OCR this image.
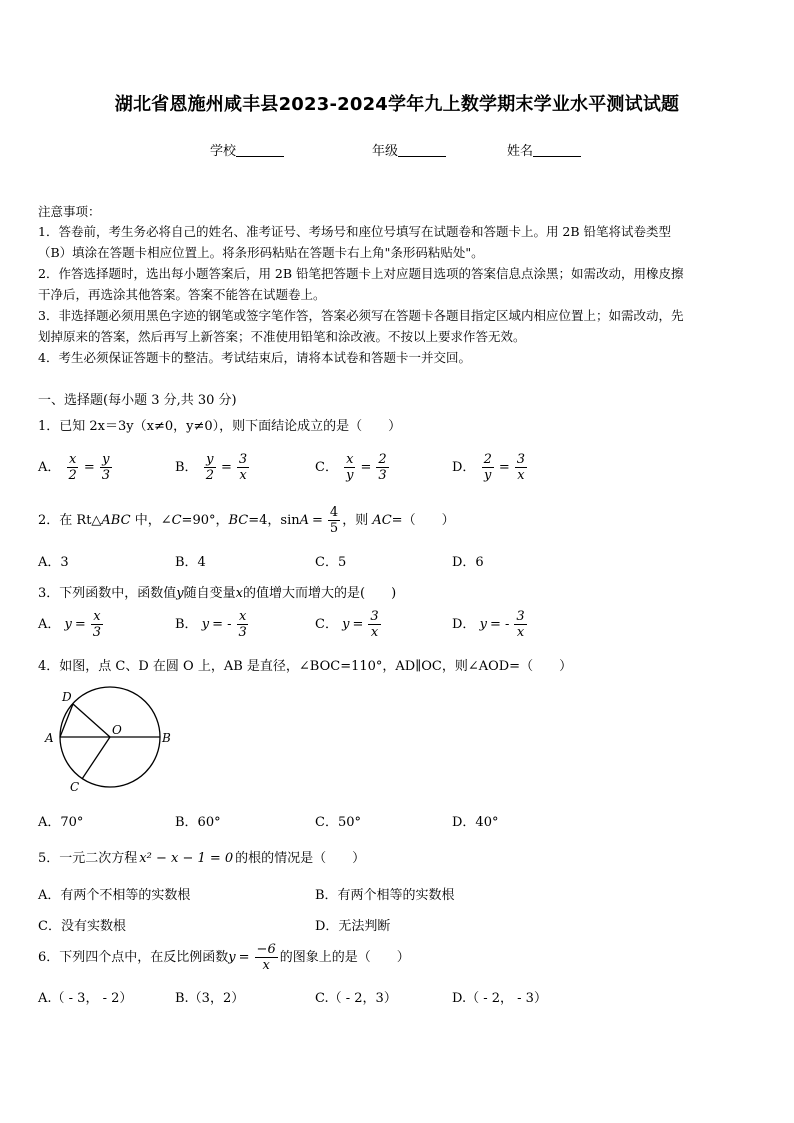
湖北省恩施州咸丰县2023-2024学年九上数学期末学业水平测试试题
学校	年级	姓名
注意事项：
1．答卷前，考生务必将自己的姓名、准考证号、考场号和座位号填写在试题卷和答题卡上。用 2B 铅笔将试卷类型
（B）填涂在答题卡相应位置上。将条形码粘贴在答题卡右上角"条形码粘贴处"。
2．作答选择题时，选出每小题答案后，用 2B 铅笔把答题卡上对应题目选项的答案信息点涂黑；如需改动，用橡皮擦
干净后，再选涂其他答案。答案不能答在试题卷上。
3．非选择题必须用黑色字迹的钢笔或签字笔作答，答案必须写在答题卡各题目指定区域内相应位置上；如需改动，先
划掉原来的答案，然后再写上新答案；不准使用铅笔和涂改液。不按以上要求作答无效。
4．考生必须保证答题卡的整洁。考试结束后，请将本试卷和答题卡一并交回。
一、选择题(每小题 3 分,共 30 分)
1．已知 2x＝3y（x≠0，y≠0），则下面结论成立的是（　　）
A． $\frac{x}{2} = \frac{y}{3}$	B． $\frac{y}{2} = \frac{3}{x}$	C． $\frac{x}{y} = \frac{2}{3}$	D． $\frac{2}{y} = \frac{3}{x}$
2．在 Rt△ABC 中，∠C=90°，BC=4，$\sin A = \frac{4}{5}$ ，则 AC=（　　）
A．3	B．4	C．5	D．6
3．下列函数中，函数值y随自变量x的值增大而增大的是(　　)
A． $y = \frac{x}{3}$	B． y = - $\frac{x}{3}$	C． $y = \frac{3}{x}$	D． y = - $\frac{3}{x}$
4．如图，点 C、D 在圆 O 上，AB 是直径，∠BOC=110°，AD∥OC，则∠AOD=（　　）
D
A
O
B
C
A．70°	B．60°	C．50°	D．40°
5．一元二次方程 x² − x − 1 = 0 的根的情况是（　　）
A．有两个不相等的实数根	B．有两个相等的实数根
C．没有实数根	D．无法判断
6．下列四个点中，在反比例函数$y = \frac{-6}{x}$ 的图象上的是（　　）
A.（ - 3， - 2）	B.（3，2）	C.（ - 2，3）	D.（ - 2， - 3）
